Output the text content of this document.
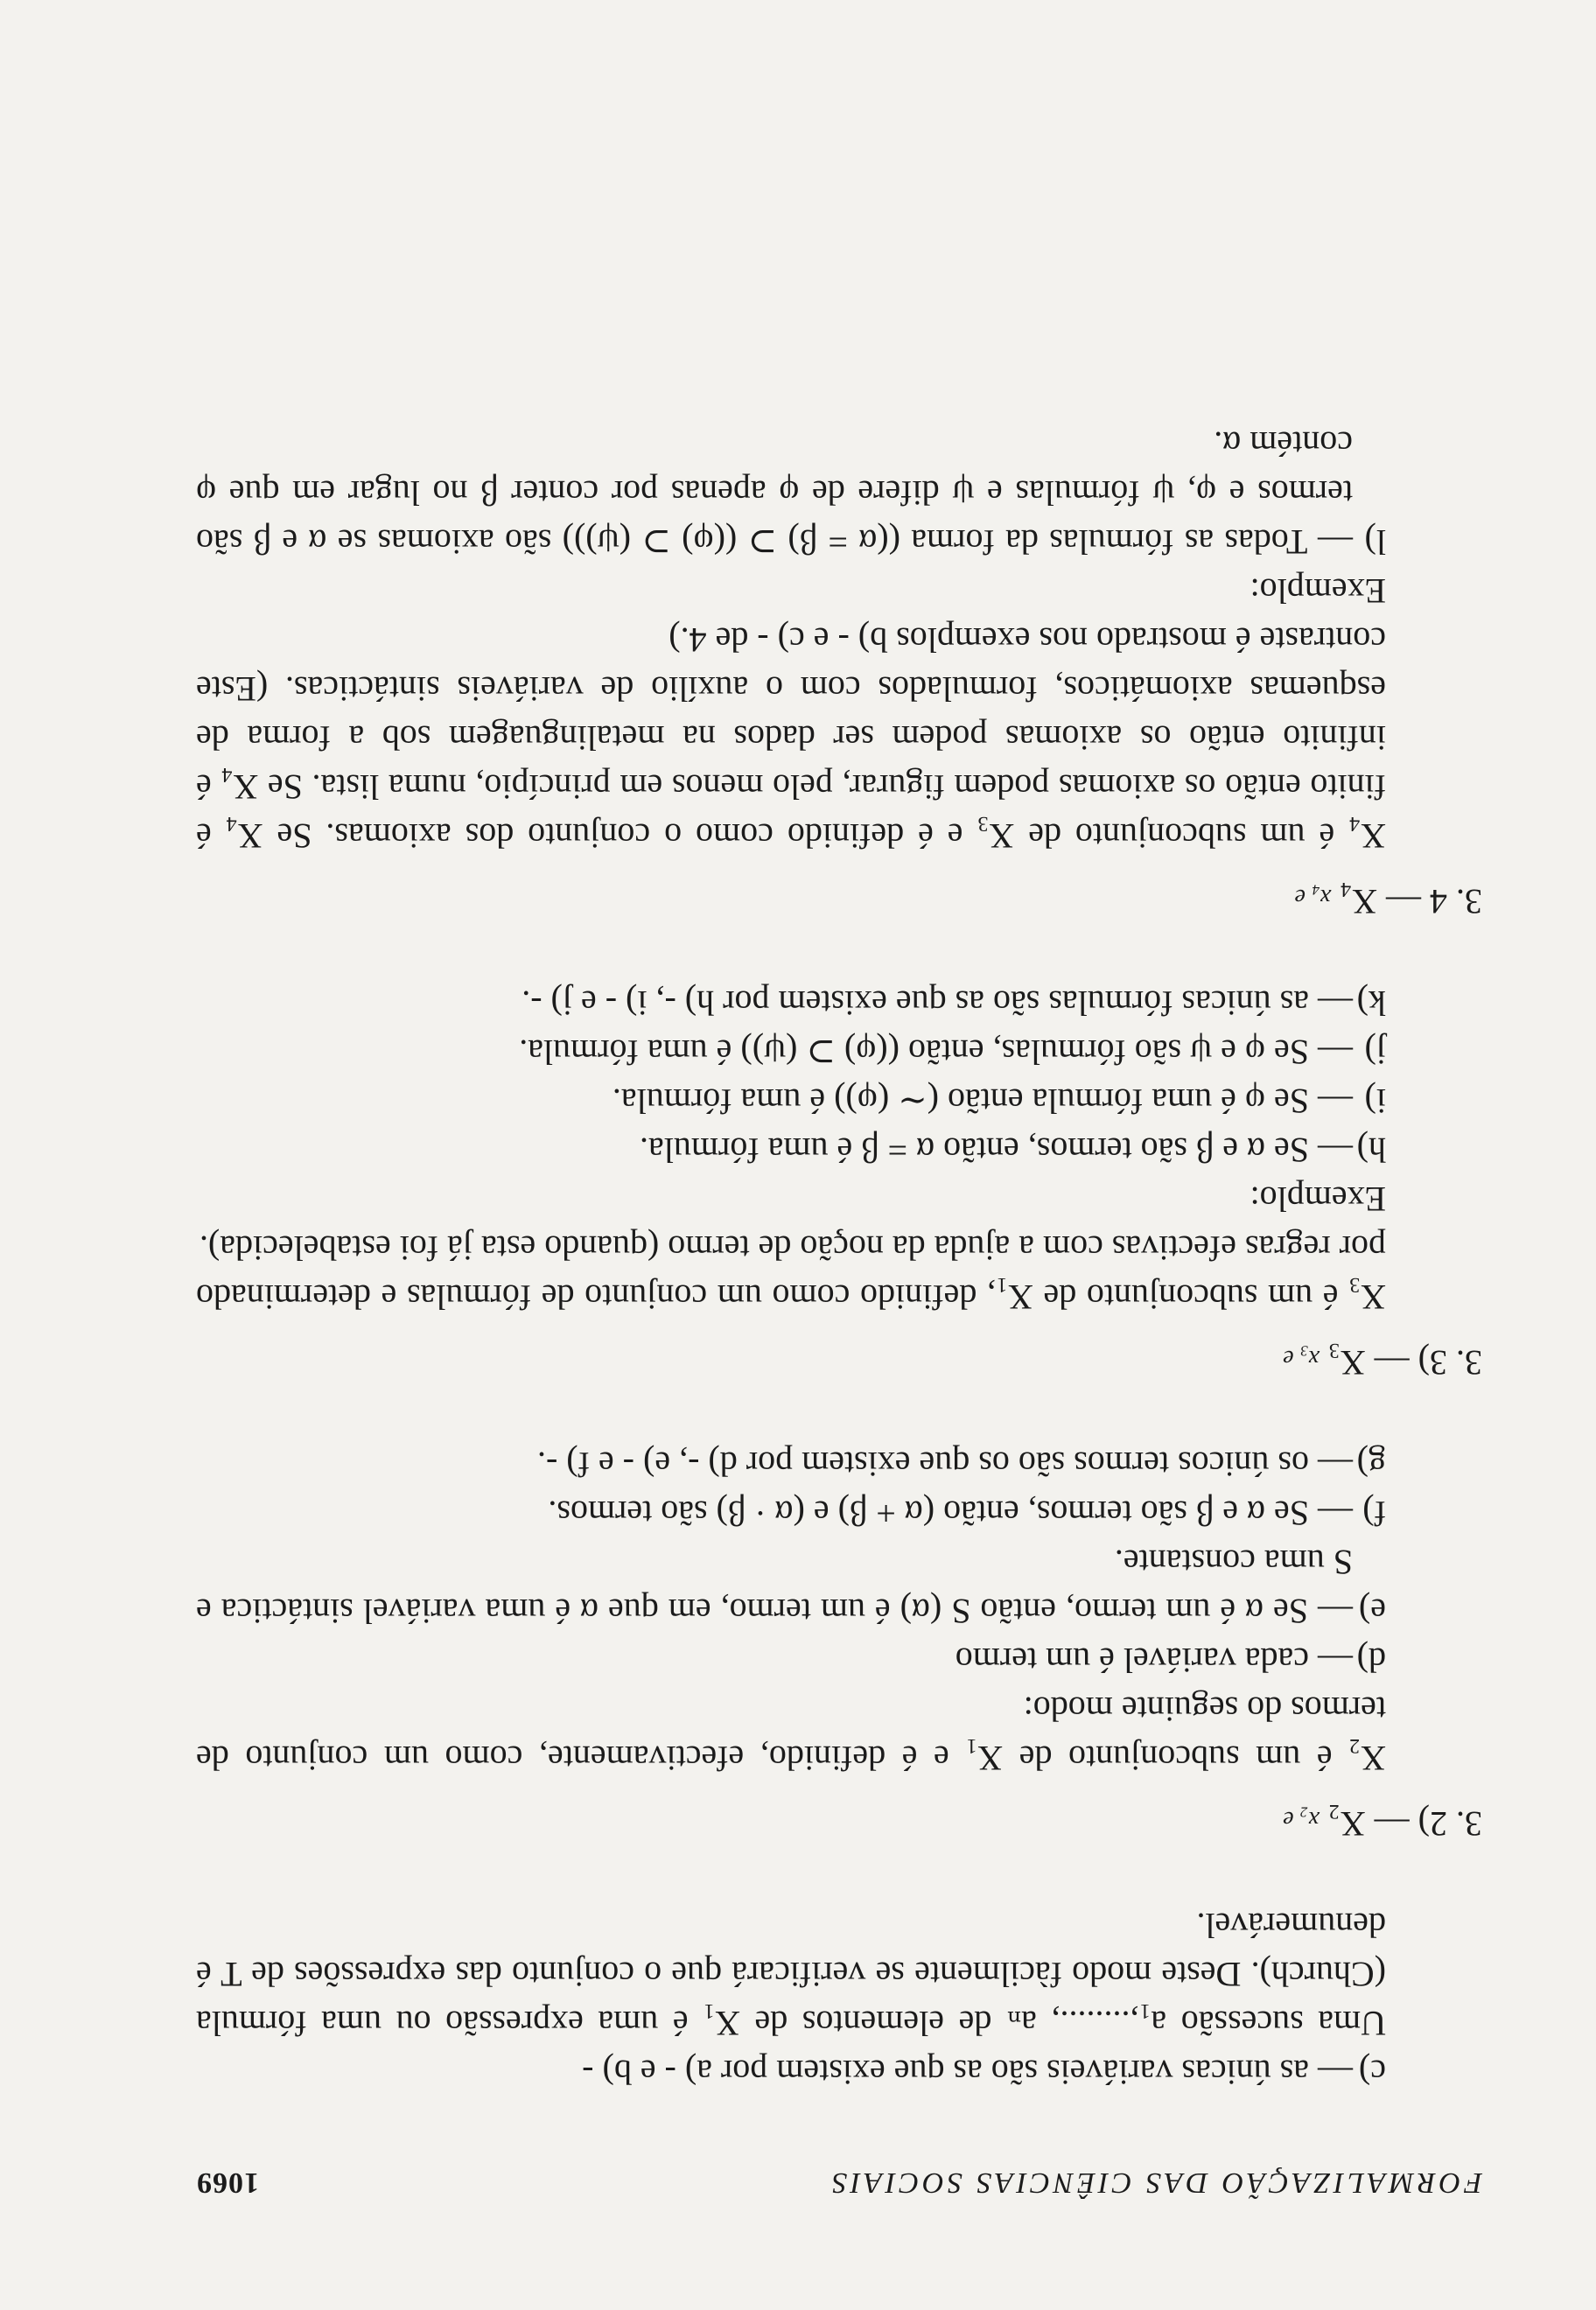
FORMALIZAÇÃO DAS CIÊNCIAS SOCIAIS
1069
c)
— as únicas variáveis são as que existem por a) - e b) -

Uma sucessão a₁,........, aₙ de elementos de X₁ é uma expressão ou uma fórmula (Church). Deste modo fàcilmente se verificará que o conjunto das expressões de T é denumerável.

3. 2) — X₂ x₂ e

X₂ é um subconjunto de X₁ e é definido, efectivamente, como um conjunto de termos do seguinte modo:

d)
— cada variável é um termo
e)
— Se α é um termo, então S (α) é um termo, em que α é uma variável sintáctica e S uma constante.
f)
— Se α e β são termos, então (α + β) e (α · β) são termos.
g)
— os únicos termos são os que existem por d) -, e) - e f) -.
3. 3) — X₃ x₃ e

X₃ é um subconjunto de X₁, definido como um conjunto de fórmulas e determinado por regras efectivas com a ajuda da noção de termo (quando esta já foi estabelecida).

Exemplo:

h)
— Se α e β são termos, então α = β é uma fórmula.
i)
— Se φ é uma fórmula então (∼ (φ)) é uma fórmula.
j)
— Se φ e ψ são fórmulas, então ((φ) ⊃ (ψ)) é uma fórmula.
k)
— as únicas fórmulas são as que existem por h) -, i) - e j) -.
3. 4 — X₄ x₄ e

X₄ é um subconjunto de X₃ e é definido como o conjunto dos axiomas. Se X₄ é finito então os axiomas podem figurar, pelo menos em princípio, numa lista. Se X₄ é infinito então os axiomas podem ser dados na metalinguagem sob a forma de esquemas axiomáticos, formulados com o auxílio de variáveis sintácticas. (Este contraste é mostrado nos exemplos b) - e c) - de 4.)

Exemplo:

l)
— Todas as fórmulas da forma ((α = β) ⊃ ((φ) ⊃ (ψ))) são axiomas se α e β são termos e φ, ψ fórmulas e ψ difere de φ apenas por conter β no lugar em que φ contém α.
